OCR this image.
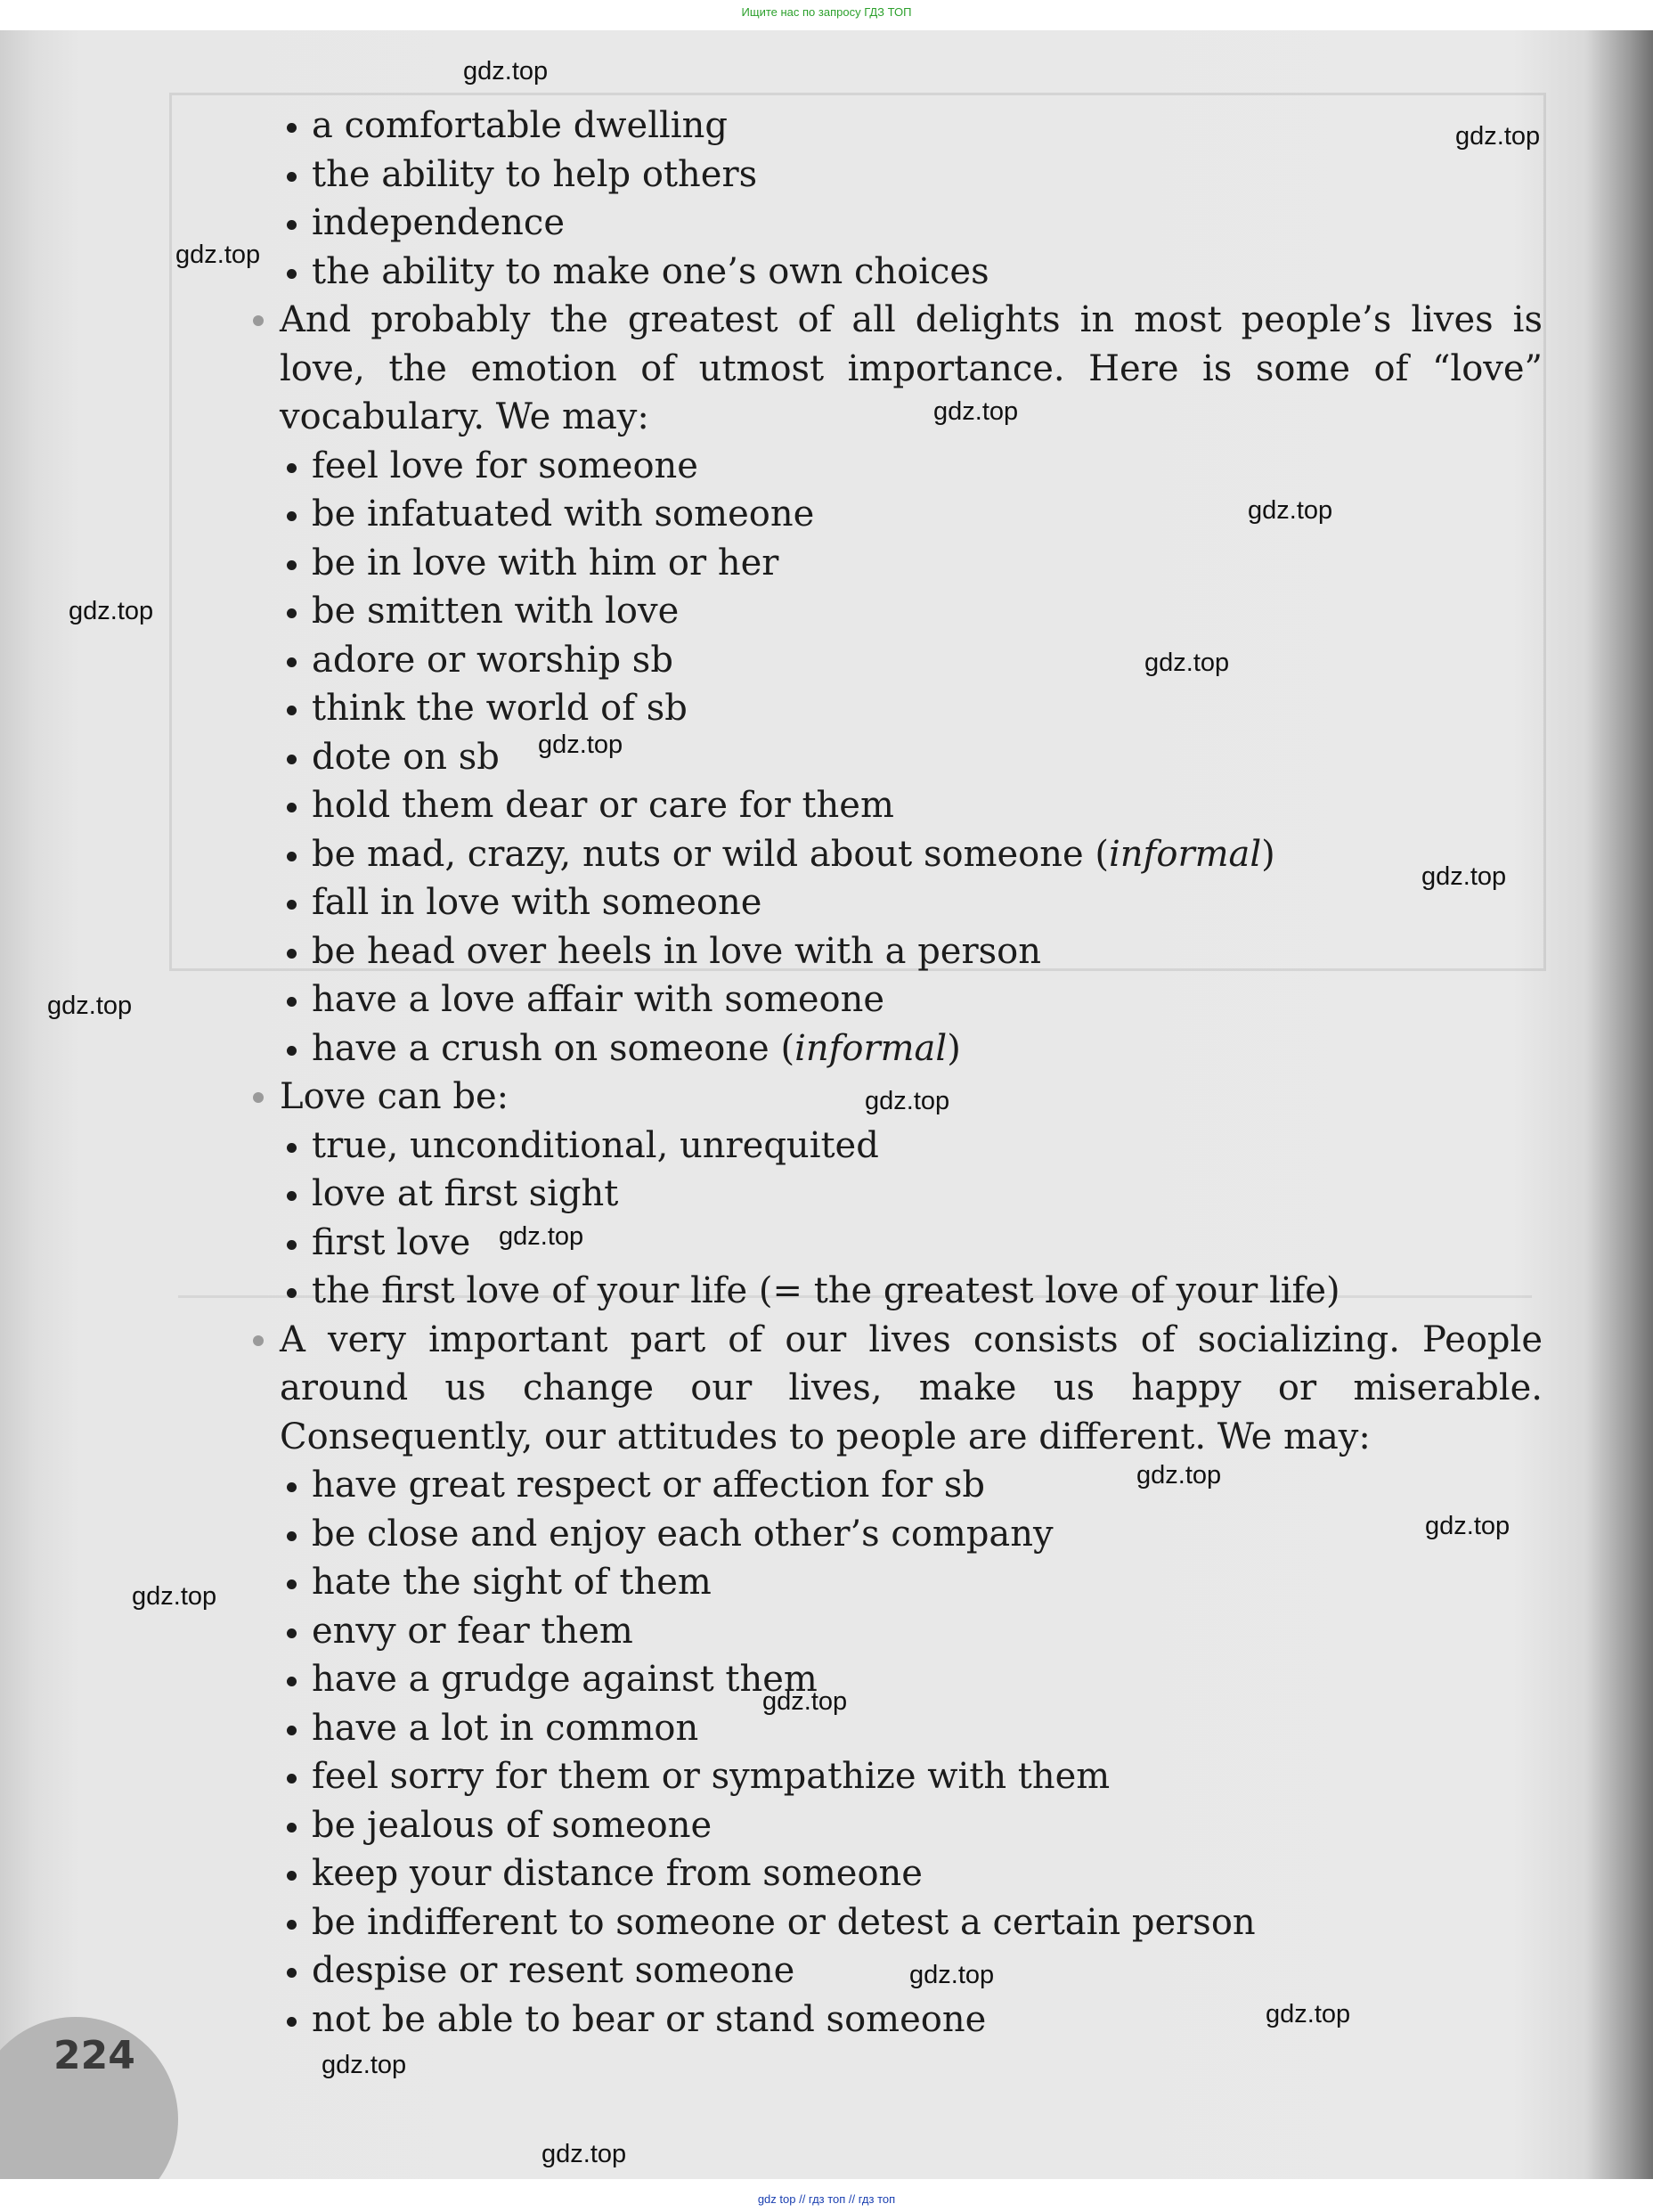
Ищите нас по запросу ГДЗ ТОП
a comfortable dwelling
the ability to help others
independence
the ability to make one’s own choices
And probably the greatest of all delights in most people’s lives is
love, the emotion of utmost importance. Here is some of “love”
vocabulary. We may:
feel love for someone
be infatuated with someone
be in love with him or her
be smitten with love
adore or worship sb
think the world of sb
dote on sb
hold them dear or care for them
be mad, crazy, nuts or wild about someone (informal)
fall in love with someone
be head over heels in love with a person
have a love affair with someone
have a crush on someone (informal)
Love can be:
true, unconditional, unrequited
love at first sight
first love
the first love of your life (= the greatest love of your life)
A very important part of our lives consists of socializing. People
around us change our lives, make us happy or miserable.
Consequently, our attitudes to people are different. We may:
have great respect or affection for sb
be close and enjoy each other’s company
hate the sight of them
envy or fear them
have a grudge against them
have a lot in common
feel sorry for them or sympathize with them
be jealous of someone
keep your distance from someone
be indifferent to someone or detest a certain person
despise or resent someone
not be able to bear or stand someone
224
gdz.top
gdz.top
gdz.top
gdz.top
gdz.top
gdz.top
gdz.top
gdz.top
gdz.top
gdz.top
gdz.top
gdz.top
gdz.top
gdz.top
gdz.top
gdz.top
gdz.top
gdz.top
gdz.top
gdz.top
gdz top // гдз топ // гдз топ
